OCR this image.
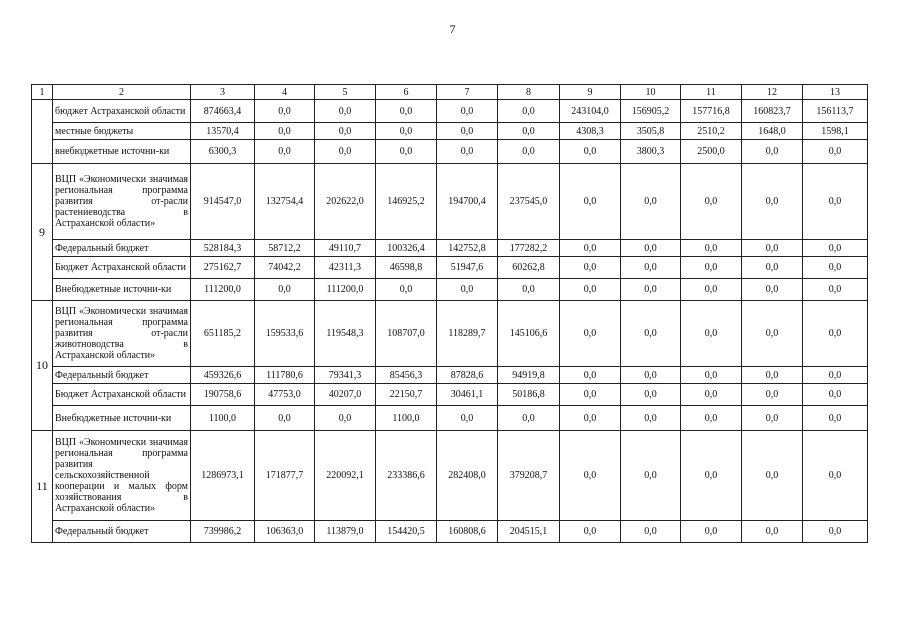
7
1	2	3	4	5	6	7	8	9	10	11	12	13
	бюджет Астраханской области	874663,4	0,0	0,0	0,0	0,0	0,0	243104,0	156905,2	157716,8	160823,7	156113,7
	местные бюджеты	13570,4	0,0	0,0	0,0	0,0	0,0	4308,3	3505,8	2510,2	1648,0	1598,1
	внебюджетные источни-ки	6300,3	0,0	0,0	0,0	0,0	0,0	0,0	3800,3	2500,0	0,0	0,0
9	ВЦП «Экономически значимая региональная программа развития от-расли растениеводства в Астраханской области»	914547,0	132754,4	202622,0	146925,2	194700,4	237545,0	0,0	0,0	0,0	0,0	0,0
	Федеральный бюджет	528184,3	58712,2	49110,7	100326,4	142752,8	177282,2	0,0	0,0	0,0	0,0	0,0
	Бюджет Астраханской области	275162,7	74042,2	42311,3	46598,8	51947,6	60262,8	0,0	0,0	0,0	0,0	0,0
	Внебюджетные источни-ки	111200,0	0,0	111200,0	0,0	0,0	0,0	0,0	0,0	0,0	0,0	0,0
10	ВЦП «Экономически значимая региональная программа развития от-расли животноводства в Астраханской области»	651185,2	159533,6	119548,3	108707,0	118289,7	145106,6	0,0	0,0	0,0	0,0	0,0
	Федеральный бюджет	459326,6	111780,6	79341,3	85456,3	87828,6	94919,8	0,0	0,0	0,0	0,0	0,0
	Бюджет Астраханской области	190758,6	47753,0	40207,0	22150,7	30461,1	50186,8	0,0	0,0	0,0	0,0	0,0
	Внебюджетные источни-ки	1100,0	0,0	0,0	1100,0	0,0	0,0	0,0	0,0	0,0	0,0	0,0
11	ВЦП «Экономически значимая региональная программа развития сельскохозяйственной кооперации и малых форм хозяйствования в Астраханской области»	1286973,1	171877,7	220092,1	233386,6	282408,0	379208,7	0,0	0,0	0,0	0,0	0,0
	Федеральный бюджет	739986,2	106363,0	113879,0	154420,5	160808,6	204515,1	0,0	0,0	0,0	0,0	0,0
